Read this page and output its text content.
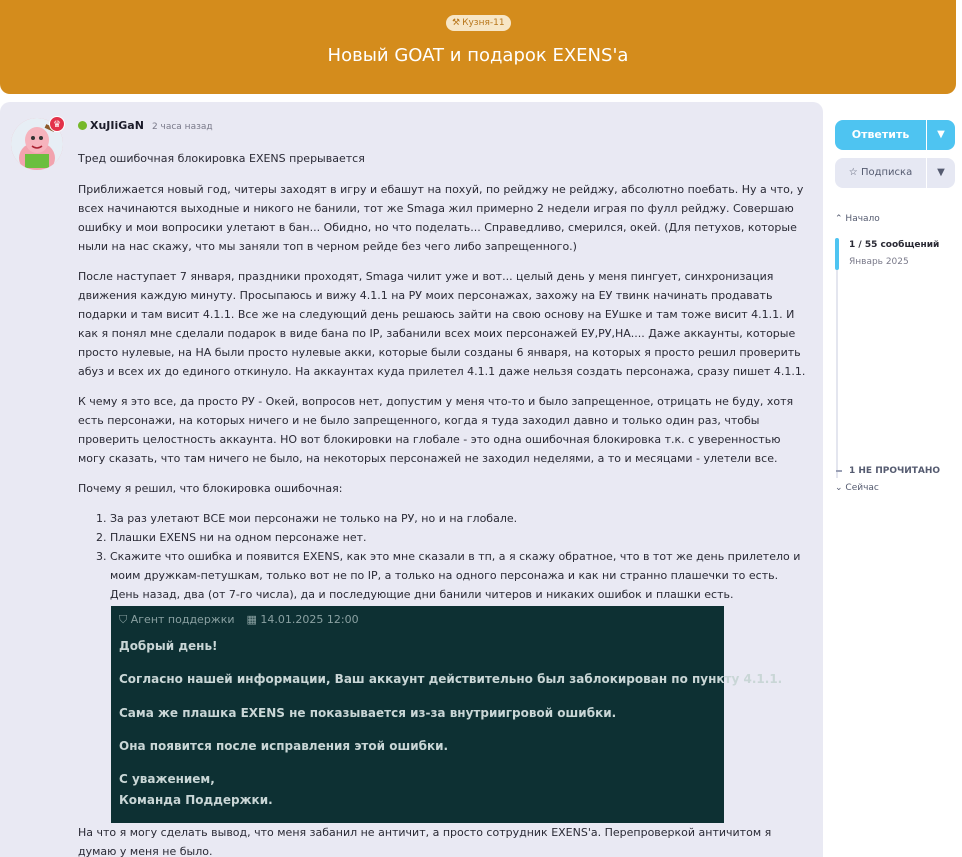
⚒ Кузня-11
Новый GOAT и подарок EXENS'а
♛	XuJIiGaN 2 часа назад

Тред ошибочная блокировка EXENS прерывается

Приближается новый год, читеры заходят в игру и ебашут на похуй, по рейджу не рейджу, абсолютно поебать. Ну а что, у всех начинаются выходные и никого не банили, тот же Smaga жил примерно 2 недели играя по фулл рейджу. Совершаю ошибку и мои вопросики улетают в бан... Обидно, но что поделать... Справедливо, смерился, окей. (Для петухов, которые ныли на нас скажу, что мы заняли топ в черном рейде без чего либо запрещенного.)

После наступает 7 января, праздники проходят, Smaga чилит уже и вот... целый день у меня пингует, синхронизация движения каждую минуту. Просыпаюсь и вижу 4.1.1 на РУ моих персонажах, захожу на ЕУ твинк начинать продавать подарки и там висит 4.1.1. Все же на следующий день решаюсь зайти на свою основу на ЕУшке и там тоже висит 4.1.1. И как я понял мне сделали подарок в виде бана по IP, забанили всех моих персонажей ЕУ,РУ,НА.... Даже аккаунты, которые просто нулевые, на НА были просто нулевые акки, которые были созданы 6 января, на которых я просто решил проверить абуз и всех их до единого откинуло. На аккаунтах куда прилетел 4.1.1 даже нельзя создать персонажа, сразу пишет 4.1.1.

К чему я это все, да просто РУ - Окей, вопросов нет, допустим у меня что-то и было запрещенное, отрицать не буду, хотя есть персонажи, на которых ничего и не было запрещенного, когда я туда заходил давно и только один раз, чтобы проверить целостность аккаунта. НО вот блокировки на глобале - это одна ошибочная блокировка т.к. с уверенностью могу сказать, что там ничего не было, на некоторых персонажей не заходил неделями, а то и месяцами - улетели все.

Почему я решил, что блокировка ошибочная:

1. За раз улетают ВСЕ мои персонажи не только на РУ, но и на глобале.
2. Плашки EXENS ни на одном персонаже нет.
3. Скажите что ошибка и появится EXENS, как это мне сказали в тп, а я скажу обратное, что в тот же день прилетело и моим дружкам-петушкам, только вот не по IP, а только на одного персонажа и как ни странно плашечки то есть. День назад, два (от 7-го числа), да и последующие дни банили читеров и никаких ошибок и плашки есть.
⛉ Агент поддержки ▦ 14.01.2025 12:00
Добрый день!
Согласно нашей информации, Ваш аккаунт действительно был заблокирован по пункту 4.1.1.
Сама же плашка EXENS не показывается из-за внутриигровой ошибки.
Она появится после исправления этой ошибки.
С уважением,
Команда Поддержки.

На что я могу сделать вывод, что меня забанил не античит, а просто сотрудник EXENS'а. Перепроверкой античитом я думаю у меня не было.

Ответить	▼
☆ Подписка	▼
⌃ Начало
1 / 55 сообщений
Январь 2025
1 НЕ ПРОЧИТАНО
⌄ Сейчас
